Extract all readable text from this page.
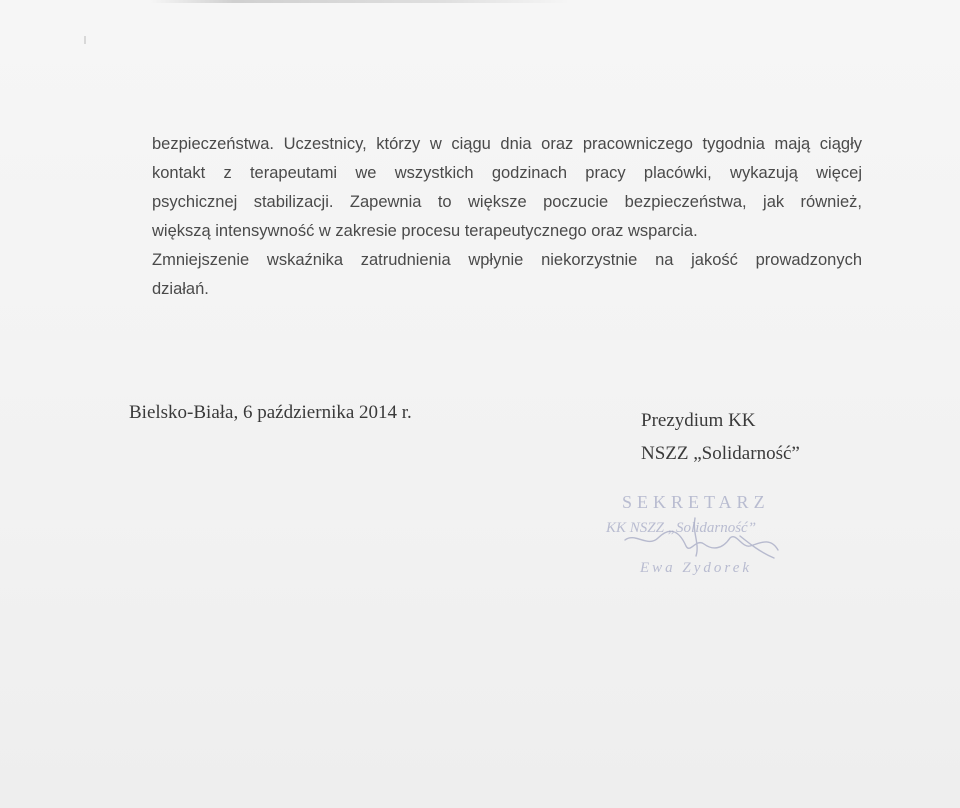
bezpieczeństwa. Uczestnicy, którzy w ciągu dnia oraz pracowniczego tygodnia mają ciągły
kontakt z terapeutami we wszystkich godzinach pracy placówki, wykazują więcej
psychicznej stabilizacji. Zapewnia to większe poczucie bezpieczeństwa, jak również,
większą intensywność w zakresie procesu terapeutycznego oraz wsparcia.
Zmniejszenie wskaźnika zatrudnienia wpłynie niekorzystnie na jakość prowadzonych
działań.

Bielsko-Biała, 6 października 2014 r.	Prezydium KK
NSZZ „Solidarność”

SEKRETARZ
KK NSZZ „Solidarność”
Ewa Zydorek
